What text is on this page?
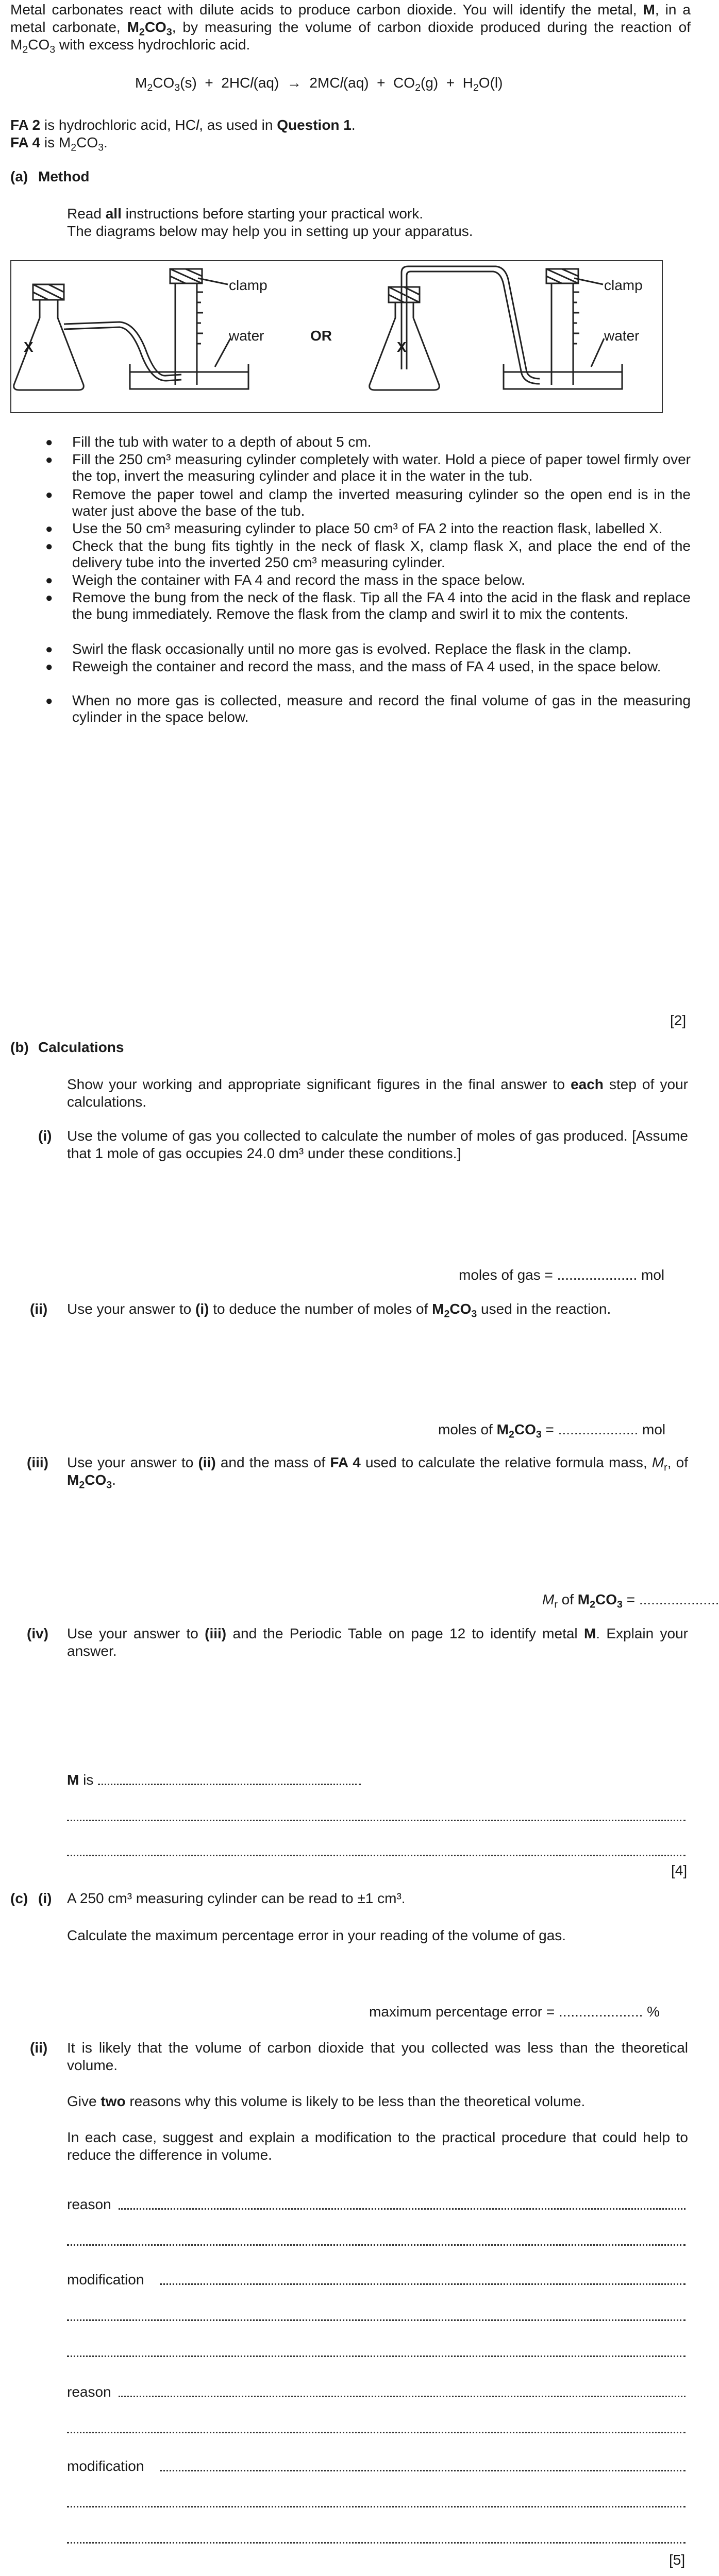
Metal carbonates react with dilute acids to produce carbon dioxide. You will identify the metal, M, in a metal carbonate, $M_2CO_3$, by measuring the volume of carbon dioxide produced during the reaction of $M_2CO_3$ with excess hydrochloric acid.
$M_2CO_3(s) + 2HCl(aq) \to 2MCl(aq) + CO_2(g) + H_2O(l)$
FA 2 is hydrochloric acid, HCl, as used in Question 1.
FA 4 is $M_2CO_3$.
(a) Method
Read all instructions before starting your practical work.
The diagrams below may help you in setting up your apparatus.
X
clamp
water	OR
X
clamp
water
● Fill the tub with water to a depth of about 5 cm.
● Fill the 250 cm³ measuring cylinder completely with water. Hold a piece of paper towel firmly over the top, invert the measuring cylinder and place it in the water in the tub.
● Remove the paper towel and clamp the inverted measuring cylinder so the open end is in the water just above the base of the tub.
● Use the 50 cm³ measuring cylinder to place 50 cm³ of FA 2 into the reaction flask, labelled X.
● Check that the bung fits tightly in the neck of flask X, clamp flask X, and place the end of the delivery tube into the inverted 250 cm³ measuring cylinder.
● Weigh the container with FA 4 and record the mass in the space below.
● Remove the bung from the neck of the flask. Tip all the FA 4 into the acid in the flask and replace the bung immediately. Remove the flask from the clamp and swirl it to mix the contents.
● Swirl the flask occasionally until no more gas is evolved. Replace the flask in the clamp.
● Reweigh the container and record the mass, and the mass of FA 4 used, in the space below.
● When no more gas is collected, measure and record the final volume of gas in the measuring cylinder in the space below.
[2]
(b) Calculations
Show your working and appropriate significant figures in the final answer to each step of your calculations.
(i) Use the volume of gas you collected to calculate the number of moles of gas produced. [Assume that 1 mole of gas occupies 24.0 dm³ under these conditions.]
moles of gas = .................... mol
(ii) Use your answer to (i) to deduce the number of moles of $M_2CO_3$ used in the reaction.
moles of $M_2CO_3$ = .................... mol
(iii) Use your answer to (ii) and the mass of FA 4 used to calculate the relative formula mass, $M_r$, of $M_2CO_3$.
$M_r$ of $M_2CO_3$ = ....................
(iv) Use your answer to (iii) and the Periodic Table on page 12 to identify metal M. Explain your answer.
M is
[4]
(c) (i) A 250 cm³ measuring cylinder can be read to ±1 cm³.
Calculate the maximum percentage error in your reading of the volume of gas.
maximum percentage error = ..................... %
(ii) It is likely that the volume of carbon dioxide that you collected was less than the theoretical volume.
Give two reasons why this volume is likely to be less than the theoretical volume.
In each case, suggest and explain a modification to the practical procedure that could help to reduce the difference in volume.
reason
modification
reason
modification
[5]
